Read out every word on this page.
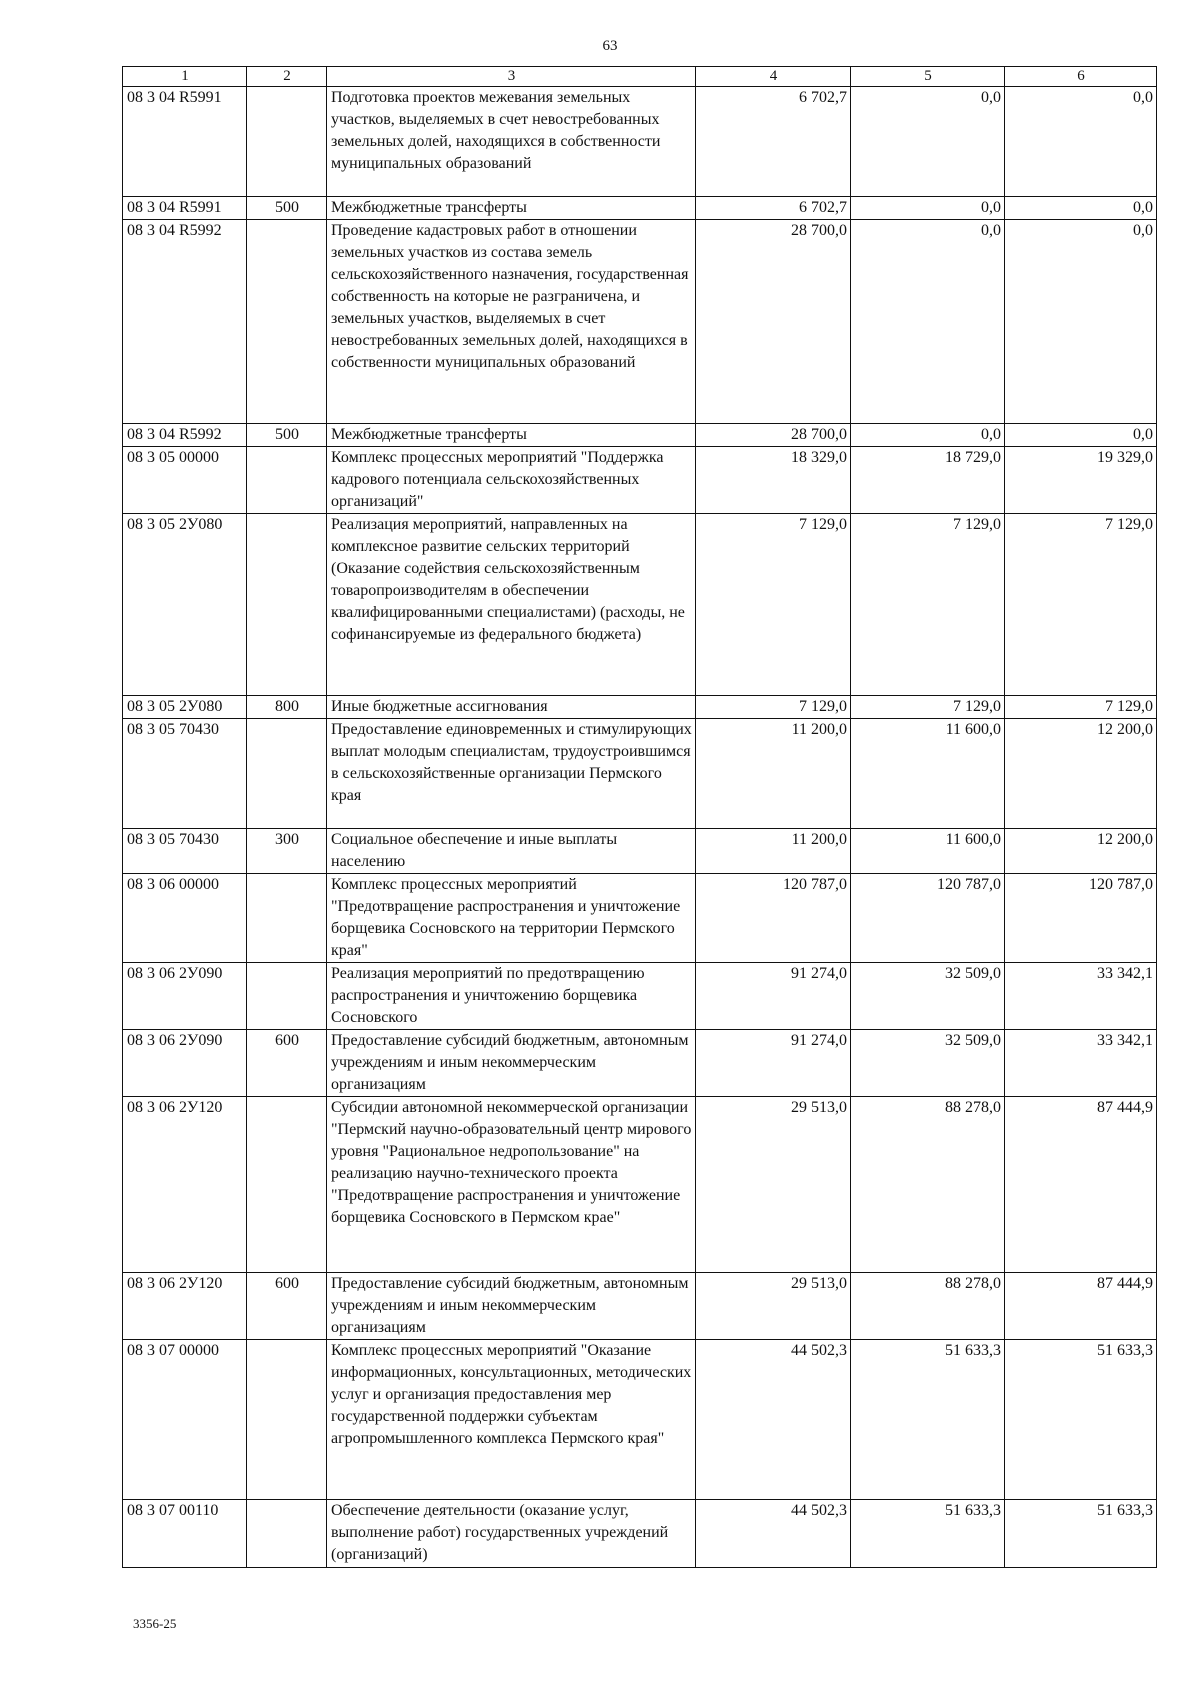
63
1	2	3	4	5	6
08 3 04 R5991		Подготовка проектов межевания земельных участков, выделяемых в счет невостребованных земельных долей, находящихся в собственности муниципальных образований	6 702,7	0,0	0,0
08 3 04 R5991	500	Межбюджетные трансферты	6 702,7	0,0	0,0
08 3 04 R5992		Проведение кадастровых работ в отношении земельных участков из состава земель сельскохозяйственного назначения, государственная собственность на которые не разграничена, и земельных участков, выделяемых в счет невостребованных земельных долей, находящихся в собственности муниципальных образований	28 700,0	0,0	0,0
08 3 04 R5992	500	Межбюджетные трансферты	28 700,0	0,0	0,0
08 3 05 00000		Комплекс процессных мероприятий "Поддержка кадрового потенциала сельскохозяйственных организаций"	18 329,0	18 729,0	19 329,0
08 3 05 2У080		Реализация мероприятий, направленных на комплексное развитие сельских территорий (Оказание содействия сельскохозяйственным товаропроизводителям в обеспечении квалифицированными специалистами) (расходы, не софинансируемые из федерального бюджета)	7 129,0	7 129,0	7 129,0
08 3 05 2У080	800	Иные бюджетные ассигнования	7 129,0	7 129,0	7 129,0
08 3 05 70430		Предоставление единовременных и стимулирующих выплат молодым специалистам, трудоустроившимся в сельскохозяйственные организации Пермского края	11 200,0	11 600,0	12 200,0
08 3 05 70430	300	Социальное обеспечение и иные выплаты населению	11 200,0	11 600,0	12 200,0
08 3 06 00000		Комплекс процессных мероприятий "Предотвращение распространения и уничтожение борщевика Сосновского на территории Пермского края"	120 787,0	120 787,0	120 787,0
08 3 06 2У090		Реализация мероприятий по предотвращению распространения и уничтожению борщевика Сосновского	91 274,0	32 509,0	33 342,1
08 3 06 2У090	600	Предоставление субсидий бюджетным, автономным учреждениям и иным некоммерческим организациям	91 274,0	32 509,0	33 342,1
08 3 06 2У120		Субсидии автономной некоммерческой организации "Пермский научно-образовательный центр мирового уровня "Рациональное недропользование" на реализацию научно-технического проекта "Предотвращение распространения и уничтожение борщевика Сосновского в Пермском крае"	29 513,0	88 278,0	87 444,9
08 3 06 2У120	600	Предоставление субсидий бюджетным, автономным учреждениям и иным некоммерческим организациям	29 513,0	88 278,0	87 444,9
08 3 07 00000		Комплекс процессных мероприятий "Оказание информационных, консультационных, методических услуг и организация предоставления мер государственной поддержки субъектам агропромышленного комплекса Пермского края"	44 502,3	51 633,3	51 633,3
08 3 07 00110		Обеспечение деятельности (оказание услуг, выполнение работ) государственных учреждений (организаций)	44 502,3	51 633,3	51 633,3
3356-25
